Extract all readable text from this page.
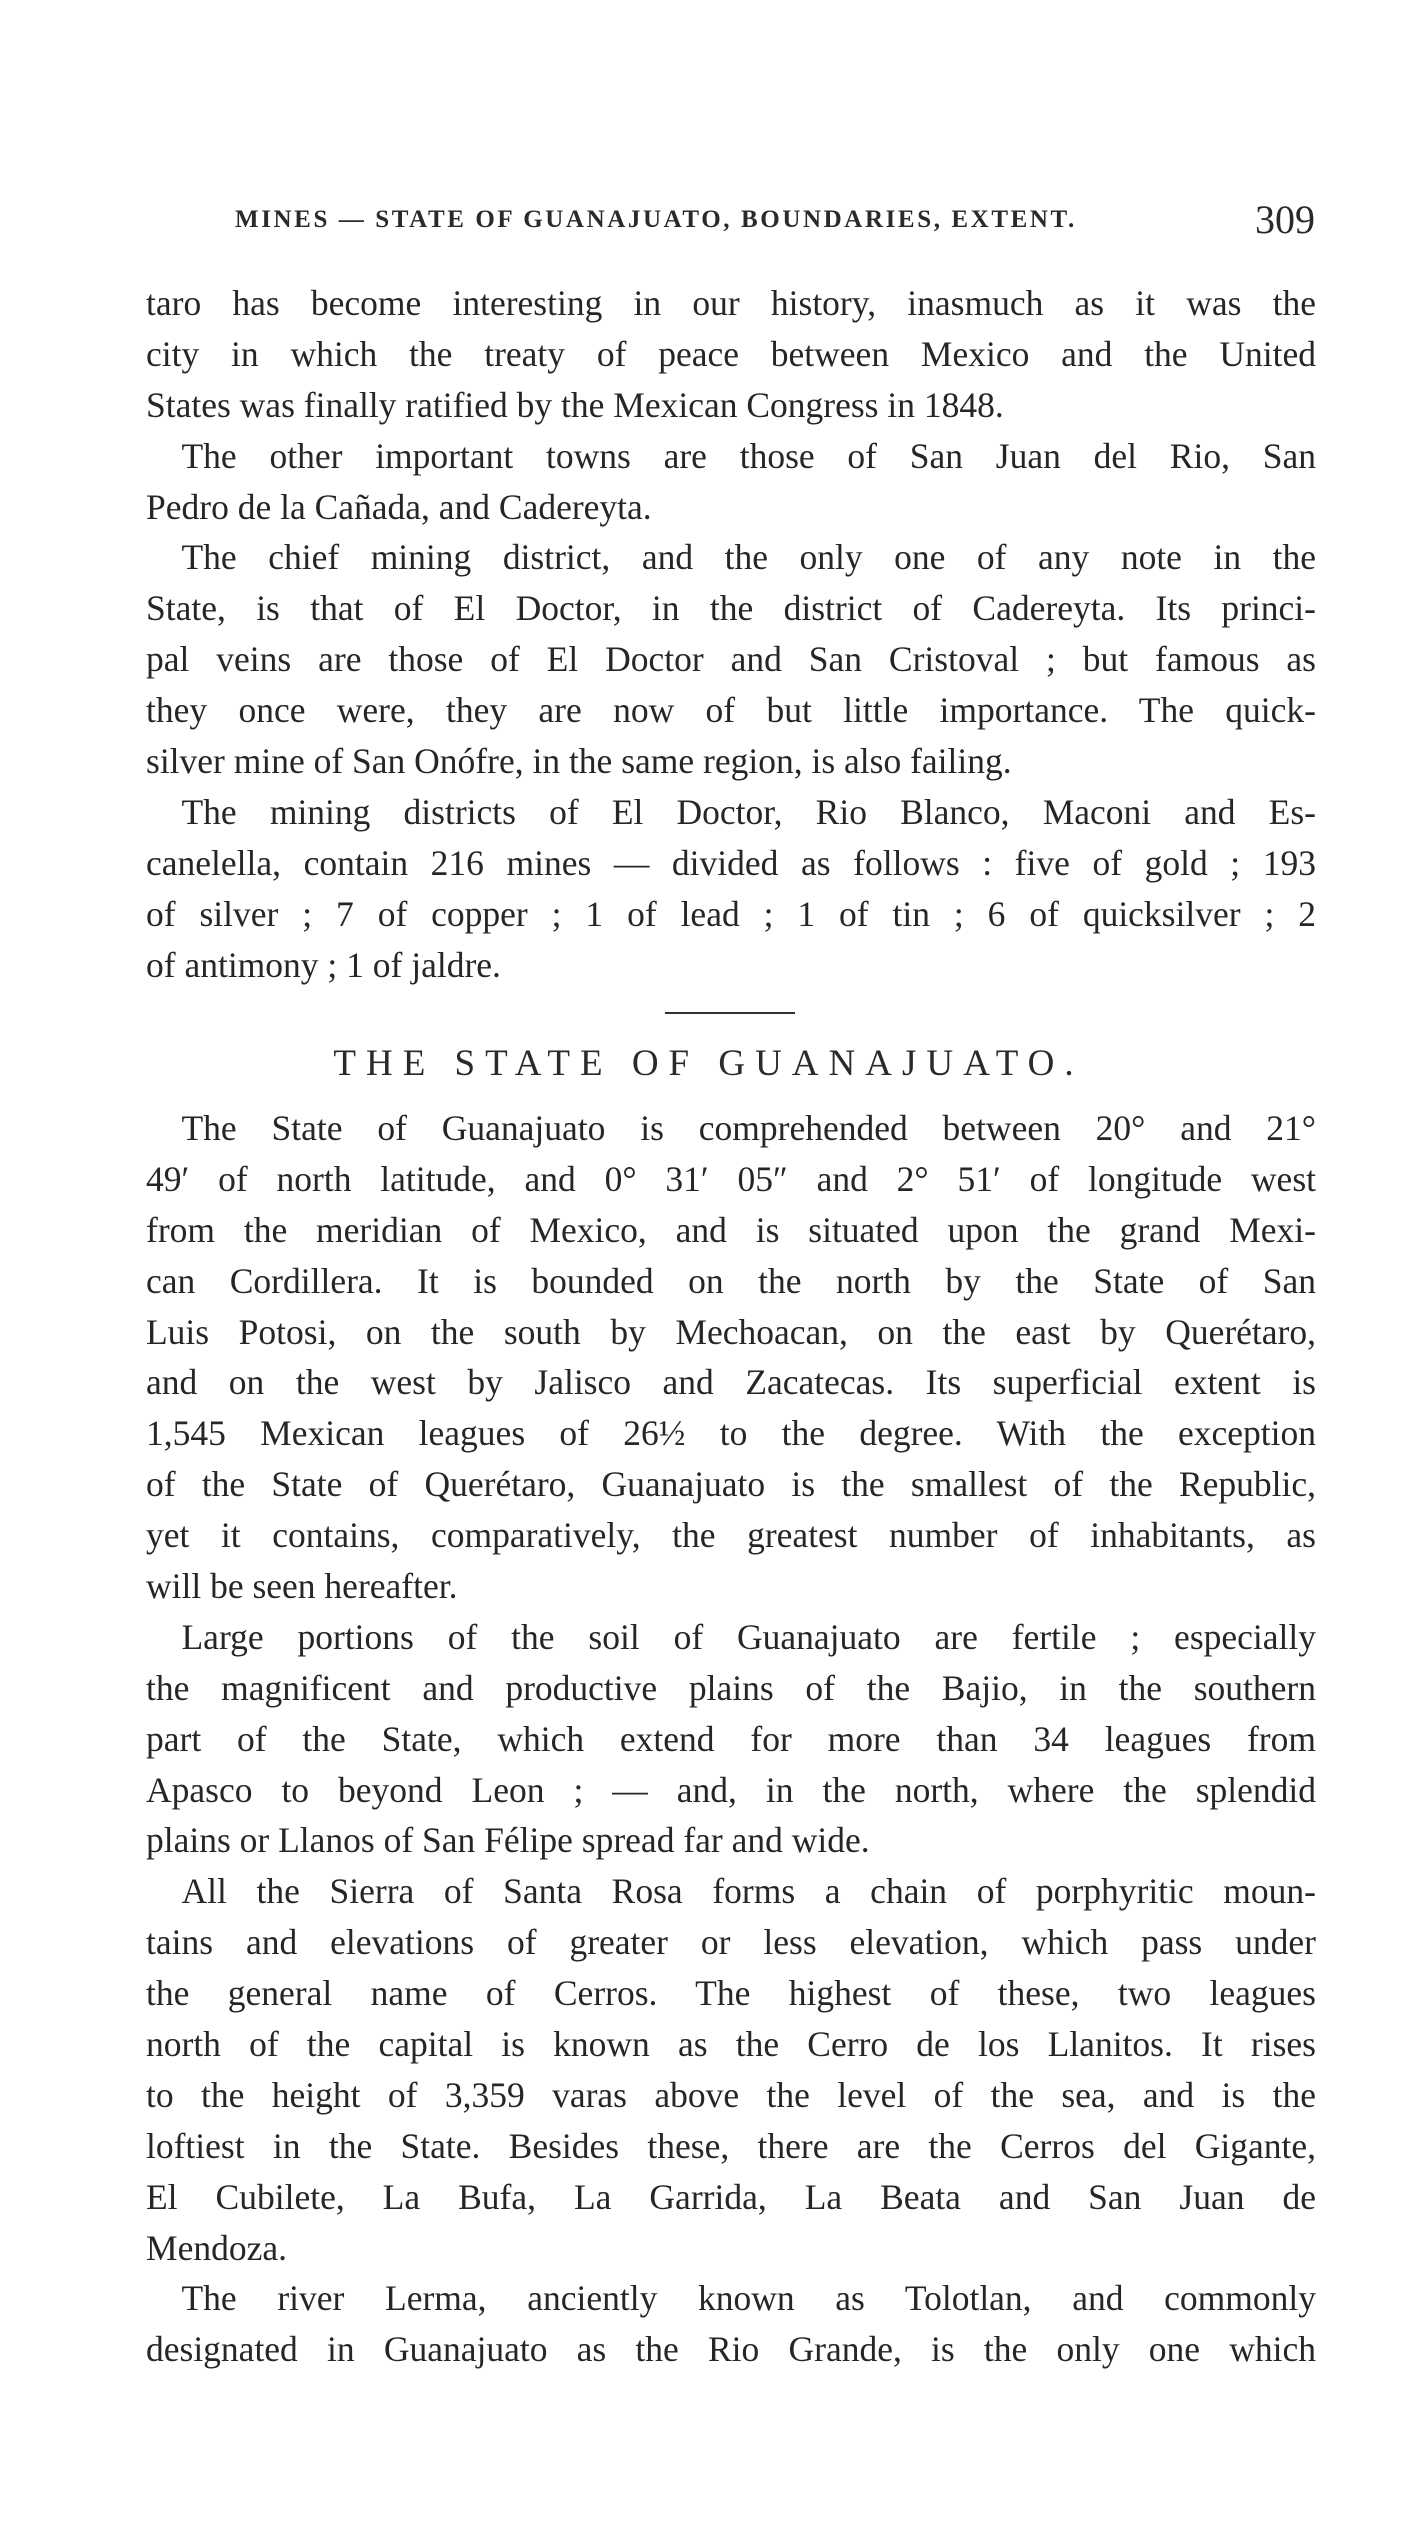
MINES — STATE OF GUANAJUATO, BOUNDARIES, EXTENT.	309
taro has become interesting in our history, inasmuch as it was the
city in which the treaty of peace between Mexico and the United
States was finally ratified by the Mexican Congress in 1848.
 The other important towns are those of San Juan del Rio, San
Pedro de la Cañada, and Cadereyta.
 The chief mining district, and the only one of any note in the
State, is that of El Doctor, in the district of Cadereyta. Its princi-
pal veins are those of El Doctor and San Cristoval ; but famous as
they once were, they are now of but little importance. The quick-
silver mine of San Onófre, in the same region, is also failing.
 The mining districts of El Doctor, Rio Blanco, Maconi and Es-
canelella, contain 216 mines — divided as follows : five of gold ; 193
of silver ; 7 of copper ; 1 of lead ; 1 of tin ; 6 of quicksilver ; 2
of antimony ; 1 of jaldre.
THE STATE OF GUANAJUATO.
 The State of Guanajuato is comprehended between 20° and 21°
49′ of north latitude, and 0° 31′ 05″ and 2° 51′ of longitude west
from the meridian of Mexico, and is situated upon the grand Mexi-
can Cordillera. It is bounded on the north by the State of San
Luis Potosi, on the south by Mechoacan, on the east by Querétaro,
and on the west by Jalisco and Zacatecas. Its superficial extent is
1,545 Mexican leagues of 26½ to the degree. With the exception
of the State of Querétaro, Guanajuato is the smallest of the Republic,
yet it contains, comparatively, the greatest number of inhabitants, as
will be seen hereafter.
 Large portions of the soil of Guanajuato are fertile ; especially
the magnificent and productive plains of the Bajio, in the southern
part of the State, which extend for more than 34 leagues from
Apasco to beyond Leon ; — and, in the north, where the splendid
plains or Llanos of San Félipe spread far and wide.
 All the Sierra of Santa Rosa forms a chain of porphyritic moun-
tains and elevations of greater or less elevation, which pass under
the general name of Cerros. The highest of these, two leagues
north of the capital is known as the Cerro de los Llanitos. It rises
to the height of 3,359 varas above the level of the sea, and is the
loftiest in the State. Besides these, there are the Cerros del Gigante,
El Cubilete, La Bufa, La Garrida, La Beata and San Juan de
Mendoza.
 The river Lerma, anciently known as Tolotlan, and commonly
designated in Guanajuato as the Rio Grande, is the only one which
